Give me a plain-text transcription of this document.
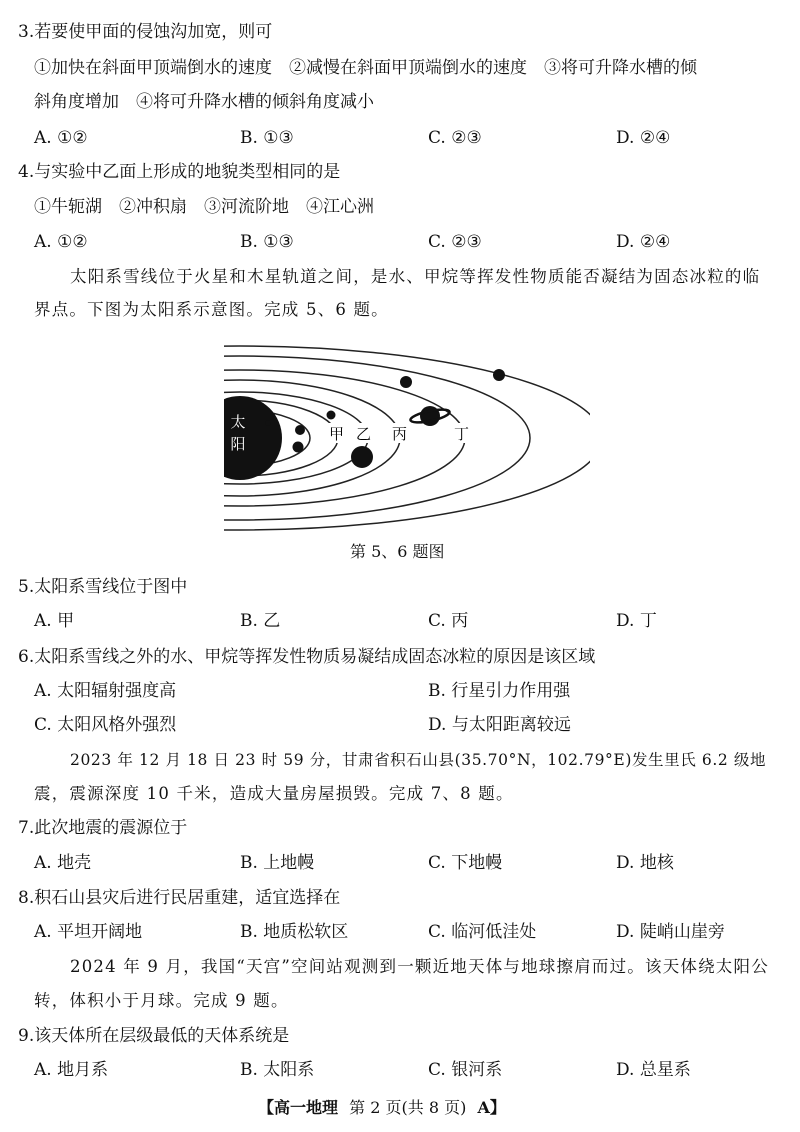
3.若要使甲面的侵蚀沟加宽，则可
①加快在斜面甲顶端倒水的速度　②减慢在斜面甲顶端倒水的速度　③将可升降水槽的倾
斜角度增加　④将可升降水槽的倾斜角度减小
A. ①②	B. ①③	C. ②③	D. ②④
4.与实验中乙面上形成的地貌类型相同的是
①牛轭湖　②冲积扇　③河流阶地　④江心洲
A. ①②	B. ①③	C. ②③	D. ②④
太阳系雪线位于火星和木星轨道之间，是水、甲烷等挥发性物质能否凝结为固态冰粒的临
界点。下图为太阳系示意图。完成 5、6 题。
太
阳
甲 乙 丙	丁
第 5、6 题图
5.太阳系雪线位于图中
A. 甲	B. 乙	C. 丙	D. 丁
6.太阳系雪线之外的水、甲烷等挥发性物质易凝结成固态冰粒的原因是该区域
A. 太阳辐射强度高	B. 行星引力作用强
C. 太阳风格外强烈	D. 与太阳距离较远
2023 年 12 月 18 日 23 时 59 分，甘肃省积石山县(35.70°N，102.79°E)发生里氏 6.2 级地
震，震源深度 10 千米，造成大量房屋损毁。完成 7、8 题。
7.此次地震的震源位于
A. 地壳	B. 上地幔	C. 下地幔	D. 地核
8.积石山县灾后进行民居重建，适宜选择在
A. 平坦开阔地	B. 地质松软区	C. 临河低洼处	D. 陡峭山崖旁
2024 年 9 月，我国“天宫”空间站观测到一颗近地天体与地球擦肩而过。该天体绕太阳公
转，体积小于月球。完成 9 题。
9.该天体所在层级最低的天体系统是
A. 地月系	B. 太阳系	C. 银河系	D. 总星系
【高一地理 第 2 页(共 8 页) A】
